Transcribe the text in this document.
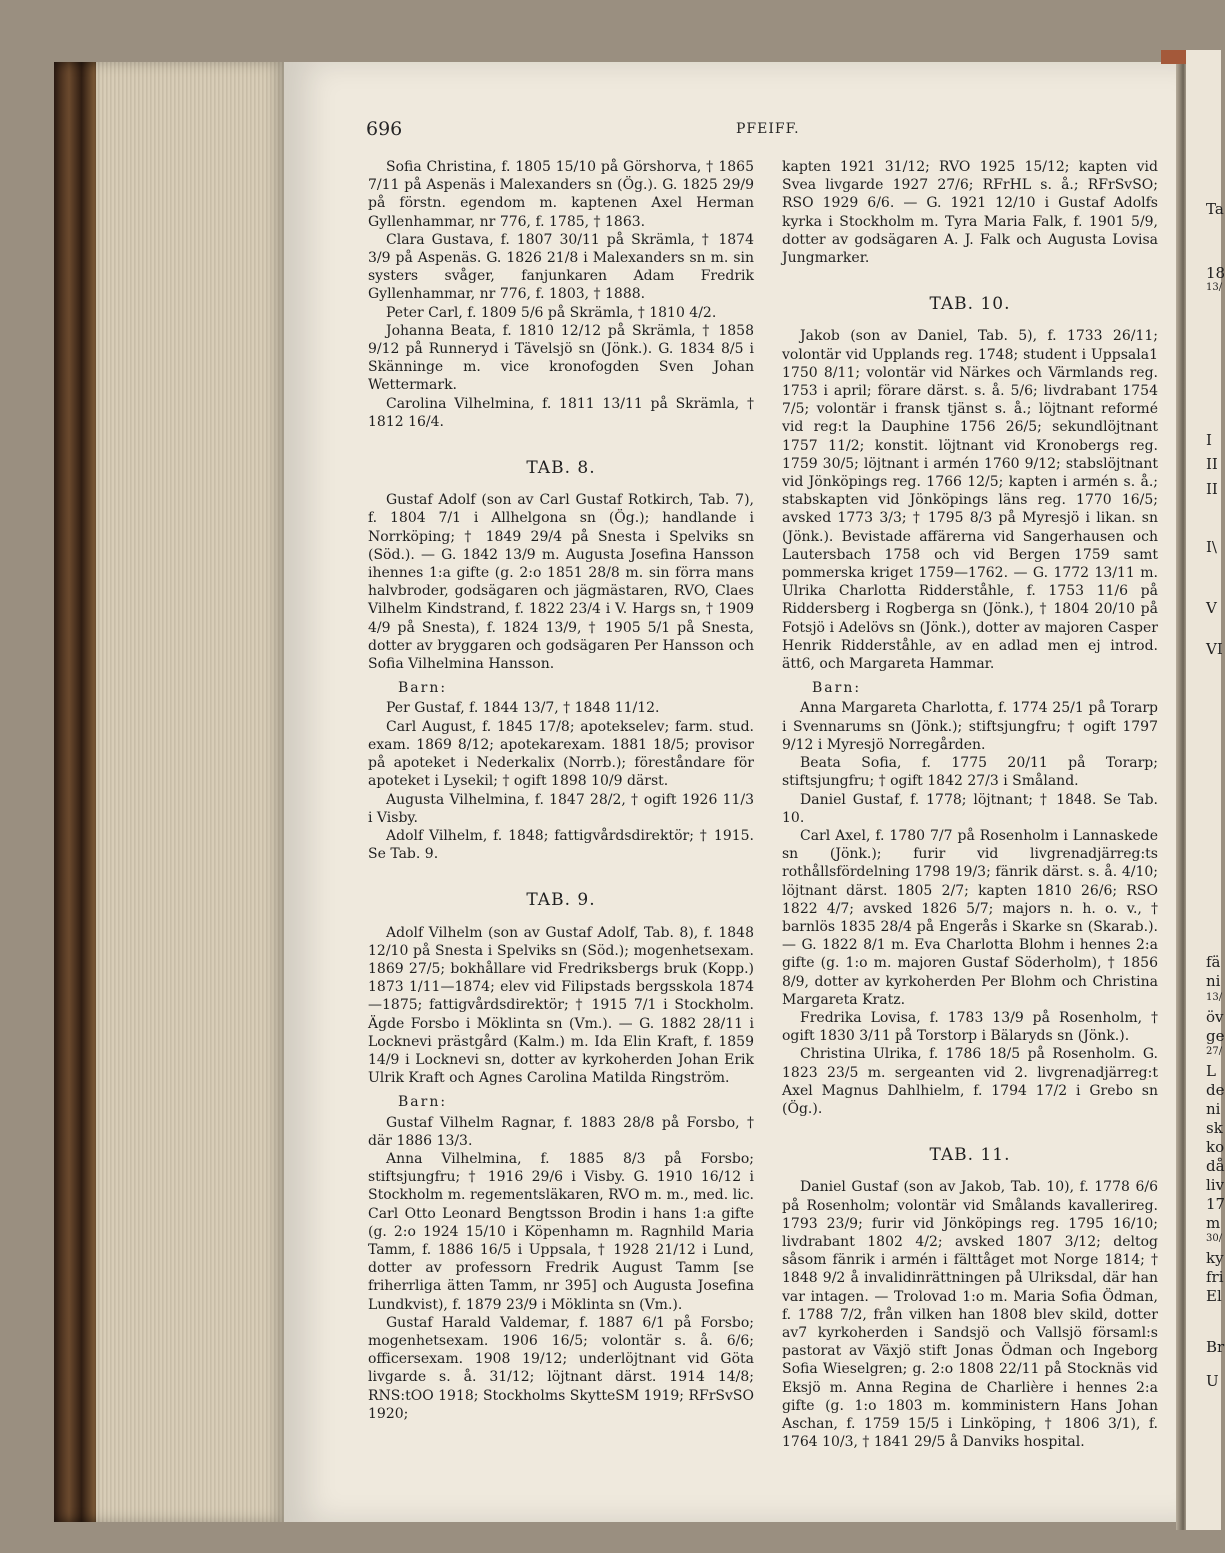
Ta
18
13/
I
II
II
I\
V
VI
fä
ni
13/
öv
ge
27/
L
de
ni
sk
ko
då
liv
17
m
30/
ky
fri
El
Br
U
696	PFEIFF.

Sofia Christina, f. 1805 15/10 på Görshorva, † 1865 7/11 på Aspenäs i Malexanders sn (Ög.). G. 1825 29/9 på förstn. egendom m. kaptenen Axel Herman Gyllenhammar, nr 776, f. 1785, † 1863.

Clara Gustava, f. 1807 30/11 på Skrämla, † 1874 3/9 på Aspenäs. G. 1826 21/8 i Malexanders sn m. sin systers svåger, fanjunkaren Adam Fredrik Gyllenhammar, nr 776, f. 1803, † 1888.

Peter Carl, f. 1809 5/6 på Skrämla, † 1810 4/2.

Johanna Beata, f. 1810 12/12 på Skrämla, † 1858 9/12 på Runneryd i Tävelsjö sn (Jönk.). G. 1834 8/5 i Skänninge m. vice kronofogden Sven Johan Wettermark.

Carolina Vilhelmina, f. 1811 13/11 på Skrämla, † 1812 16/4.

TAB. 8.

Gustaf Adolf (son av Carl Gustaf Rotkirch, Tab. 7), f. 1804 7/1 i Allhelgona sn (Ög.); handlande i Norrköping; † 1849 29/4 på Snesta i Spelviks sn (Söd.). — G. 1842 13/9 m. Augusta Josefina Hansson ihennes 1:a gifte (g. 2:o 1851 28/8 m. sin förra mans halvbroder, godsägaren och jägmästaren, RVO, Claes Vilhelm Kindstrand, f. 1822 23/4 i V. Hargs sn, † 1909 4/9 på Snesta), f. 1824 13/9, † 1905 5/1 på Snesta, dotter av bryggaren och godsägaren Per Hansson och Sofia Vilhelmina Hansson.

Barn:

Per Gustaf, f. 1844 13/7, † 1848 11/12.

Carl August, f. 1845 17/8; apotekselev; farm. stud. exam. 1869 8/12; apotekarexam. 1881 18/5; provisor på apoteket i Nederkalix (Norrb.); föreståndare för apoteket i Lysekil; † ogift 1898 10/9 därst.

Augusta Vilhelmina, f. 1847 28/2, † ogift 1926 11/3 i Visby.

Adolf Vilhelm, f. 1848; fattigvårdsdirektör; † 1915. Se Tab. 9.

TAB. 9.

Adolf Vilhelm (son av Gustaf Adolf, Tab. 8), f. 1848 12/10 på Snesta i Spelviks sn (Söd.); mogenhetsexam. 1869 27/5; bokhållare vid Fredriksbergs bruk (Kopp.) 1873 1/11—1874; elev vid Filipstads bergsskola 1874—1875; fattigvårdsdirektör; † 1915 7/1 i Stockholm. Ägde Forsbo i Möklinta sn (Vm.). — G. 1882 28/11 i Locknevi prästgård (Kalm.) m. Ida Elin Kraft, f. 1859 14/9 i Locknevi sn, dotter av kyrkoherden Johan Erik Ulrik Kraft och Agnes Carolina Matilda Ringström.

Barn:

Gustaf Vilhelm Ragnar, f. 1883 28/8 på Forsbo, † där 1886 13/3.

Anna Vilhelmina, f. 1885 8/3 på Forsbo; stiftsjungfru; † 1916 29/6 i Visby. G. 1910 16/12 i Stockholm m. regementsläkaren, RVO m. m., med. lic. Carl Otto Leonard Bengtsson Brodin i hans 1:a gifte (g. 2:o 1924 15/10 i Köpenhamn m. Ragnhild Maria Tamm, f. 1886 16/5 i Uppsala, † 1928 21/12 i Lund, dotter av professorn Fredrik August Tamm [se friherrliga ätten Tamm, nr 395] och Augusta Josefina Lundkvist), f. 1879 23/9 i Möklinta sn (Vm.).

Gustaf Harald Valdemar, f. 1887 6/1 på Forsbo; mogenhetsexam. 1906 16/5; volontär s. å. 6/6; officersexam. 1908 19/12; underlöjtnant vid Göta livgarde s. å. 31/12; löjtnant därst. 1914 14/8; RNS:tOO 1918; Stockholms SkytteSM 1919; RFrSvSO 1920;

kapten 1921 31/12; RVO 1925 15/12; kapten vid Svea livgarde 1927 27/6; RFrHL s. å.; RFrSvSO; RSO 1929 6/6. — G. 1921 12/10 i Gustaf Adolfs kyrka i Stockholm m. Tyra Maria Falk, f. 1901 5/9, dotter av godsägaren A. J. Falk och Augusta Lovisa Jungmarker.

TAB. 10.

Jakob (son av Daniel, Tab. 5), f. 1733 26/11; volontär vid Upplands reg. 1748; student i Uppsala1 1750 8/11; volontär vid Närkes och Värmlands reg. 1753 i april; förare därst. s. å. 5/6; livdrabant 1754 7/5; volontär i fransk tjänst s. å.; löjtnant reformé vid reg:t la Dauphine 1756 26/5; sekundlöjtnant 1757 11/2; konstit. löjtnant vid Kronobergs reg. 1759 30/5; löjtnant i armén 1760 9/12; stabslöjtnant vid Jönköpings reg. 1766 12/5; kapten i armén s. å.; stabskapten vid Jönköpings läns reg. 1770 16/5; avsked 1773 3/3; † 1795 8/3 på Myresjö i likan. sn (Jönk.). Bevistade affärerna vid Sangerhausen och Lautersbach 1758 och vid Bergen 1759 samt pommerska kriget 1759—1762. — G. 1772 13/11 m. Ulrika Charlotta Ridderståhle, f. 1753 11/6 på Riddersberg i Rogberga sn (Jönk.), † 1804 20/10 på Fotsjö i Adelövs sn (Jönk.), dotter av majoren Casper Henrik Ridderståhle, av en adlad men ej introd. ätt6, och Margareta Hammar.

Barn:

Anna Margareta Charlotta, f. 1774 25/1 på Torarp i Svennarums sn (Jönk.); stiftsjungfru; † ogift 1797 9/12 i Myresjö Norregården.

Beata Sofia, f. 1775 20/11 på Torarp; stiftsjungfru; † ogift 1842 27/3 i Småland.

Daniel Gustaf, f. 1778; löjtnant; † 1848. Se Tab. 10.

Carl Axel, f. 1780 7/7 på Rosenholm i Lannaskede sn (Jönk.); furir vid livgrenadjärreg:ts rothållsfördelning 1798 19/3; fänrik därst. s. å. 4/10; löjtnant därst. 1805 2/7; kapten 1810 26/6; RSO 1822 4/7; avsked 1826 5/7; majors n. h. o. v., † barnlös 1835 28/4 på Engerås i Skarke sn (Skarab.). — G. 1822 8/1 m. Eva Charlotta Blohm i hennes 2:a gifte (g. 1:o m. majoren Gustaf Söderholm), † 1856 8/9, dotter av kyrkoherden Per Blohm och Christina Margareta Kratz.

Fredrika Lovisa, f. 1783 13/9 på Rosenholm, † ogift 1830 3/11 på Torstorp i Bälaryds sn (Jönk.).

Christina Ulrika, f. 1786 18/5 på Rosenholm. G. 1823 23/5 m. sergeanten vid 2. livgrenadjärreg:t Axel Magnus Dahlhielm, f. 1794 17/2 i Grebo sn (Ög.).

TAB. 11.

Daniel Gustaf (son av Jakob, Tab. 10), f. 1778 6/6 på Rosenholm; volontär vid Smålands kavallerireg. 1793 23/9; furir vid Jönköpings reg. 1795 16/10; livdrabant 1802 4/2; avsked 1807 3/12; deltog såsom fänrik i armén i fälttåget mot Norge 1814; † 1848 9/2 å invalidinrättningen på Ulriksdal, där han var intagen. — Trolovad 1:o m. Maria Sofia Ödman, f. 1788 7/2, från vilken han 1808 blev skild, dotter av7 kyrkoherden i Sandsjö och Vallsjö församl:s pastorat av Växjö stift Jonas Ödman och Ingeborg Sofia Wieselgren; g. 2:o 1808 22/11 på Stocknäs vid Eksjö m. Anna Regina de Charlière i hennes 2:a gifte (g. 1:o 1803 m. komministern Hans Johan Aschan, f. 1759 15/5 i Linköping, † 1806 3/1), f. 1764 10/3, † 1841 29/5 å Danviks hospital.
